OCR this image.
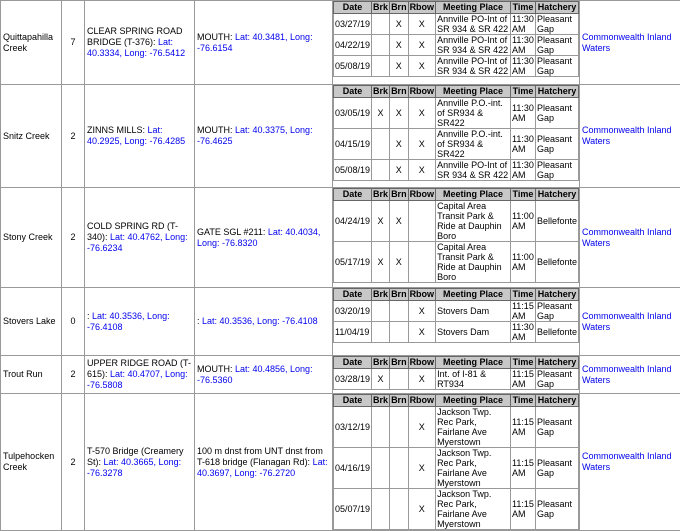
Quittapahilla Creek	7	CLEAR SPRING ROAD BRIDGE (T-376): Lat: 40.3334, Long: -76.5412	MOUTH: Lat: 40.3481, Long: -76.6154	
Date	Brk	Brn	Rbow	Meeting Place	Time	Hatchery
03/27/19		X	X	Annville PO-Int of SR 934 & SR 422	11:30 AM	Pleasant Gap
04/22/19		X	X	Annville PO-Int of SR 934 & SR 422	11:30 AM	Pleasant Gap
05/08/19		X	X	Annville PO-Int of SR 934 & SR 422	11:30 AM	Pleasant Gap
	Commonwealth Inland Waters
Snitz Creek	2	ZINNS MILLS: Lat: 40.2925, Long: -76.4285	MOUTH: Lat: 40.3375, Long: -76.4625	
Date	Brk	Brn	Rbow	Meeting Place	Time	Hatchery
03/05/19	X	X	X	Annville P.O.-int. of SR934 & SR422	11:30 AM	Pleasant Gap
04/15/19		X	X	Annville P.O.-int. of SR934 & SR422	11:30 AM	Pleasant Gap
05/08/19		X	X	Annville PO-Int of SR 934 & SR 422	11:30 AM	Pleasant Gap
	Commonwealth Inland Waters
Stony Creek	2	COLD SPRING RD (T-340): Lat: 40.4762, Long: -76.6234	GATE SGL #211: Lat: 40.4034, Long: -76.8320	
Date	Brk	Brn	Rbow	Meeting Place	Time	Hatchery
04/24/19	X	X		Capital Area Transit Park & Ride at Dauphin Boro	11:00 AM	Bellefonte
05/17/19	X	X		Capital Area Transit Park & Ride at Dauphin Boro	11:00 AM	Bellefonte
	Commonwealth Inland Waters
Stovers Lake	0	: Lat: 40.3536, Long: -76.4108	: Lat: 40.3536, Long: -76.4108	
Date	Brk	Brn	Rbow	Meeting Place	Time	Hatchery
03/20/19			X	Stovers Dam	11:15 AM	Pleasant Gap
11/04/19			X	Stovers Dam	11:30 AM	Bellefonte
	Commonwealth Inland Waters
Trout Run	2	UPPER RIDGE ROAD (T-615): Lat: 40.4707, Long: -76.5808	MOUTH: Lat: 40.4856, Long: -76.5360	
Date	Brk	Brn	Rbow	Meeting Place	Time	Hatchery
03/28/19	X		X	Int. of I-81 & RT934	11:15 AM	Pleasant Gap
	Commonwealth Inland Waters
Tulpehocken Creek	2	T-570 Bridge (Creamery St): Lat: 40.3665, Long: -76.3278	100 m dnst from UNT dnst from T-618 bridge (Flanagan Rd): Lat: 40.3697, Long: -76.2720	
Date	Brk	Brn	Rbow	Meeting Place	Time	Hatchery
03/12/19			X	Jackson Twp. Rec Park, Fairlane Ave Myerstown	11:15 AM	Pleasant Gap
04/16/19			X	Jackson Twp. Rec Park, Fairlane Ave Myerstown	11:15 AM	Pleasant Gap
05/07/19			X	Jackson Twp. Rec Park, Fairlane Ave Myerstown	11:15 AM	Pleasant Gap
	Commonwealth Inland Waters
